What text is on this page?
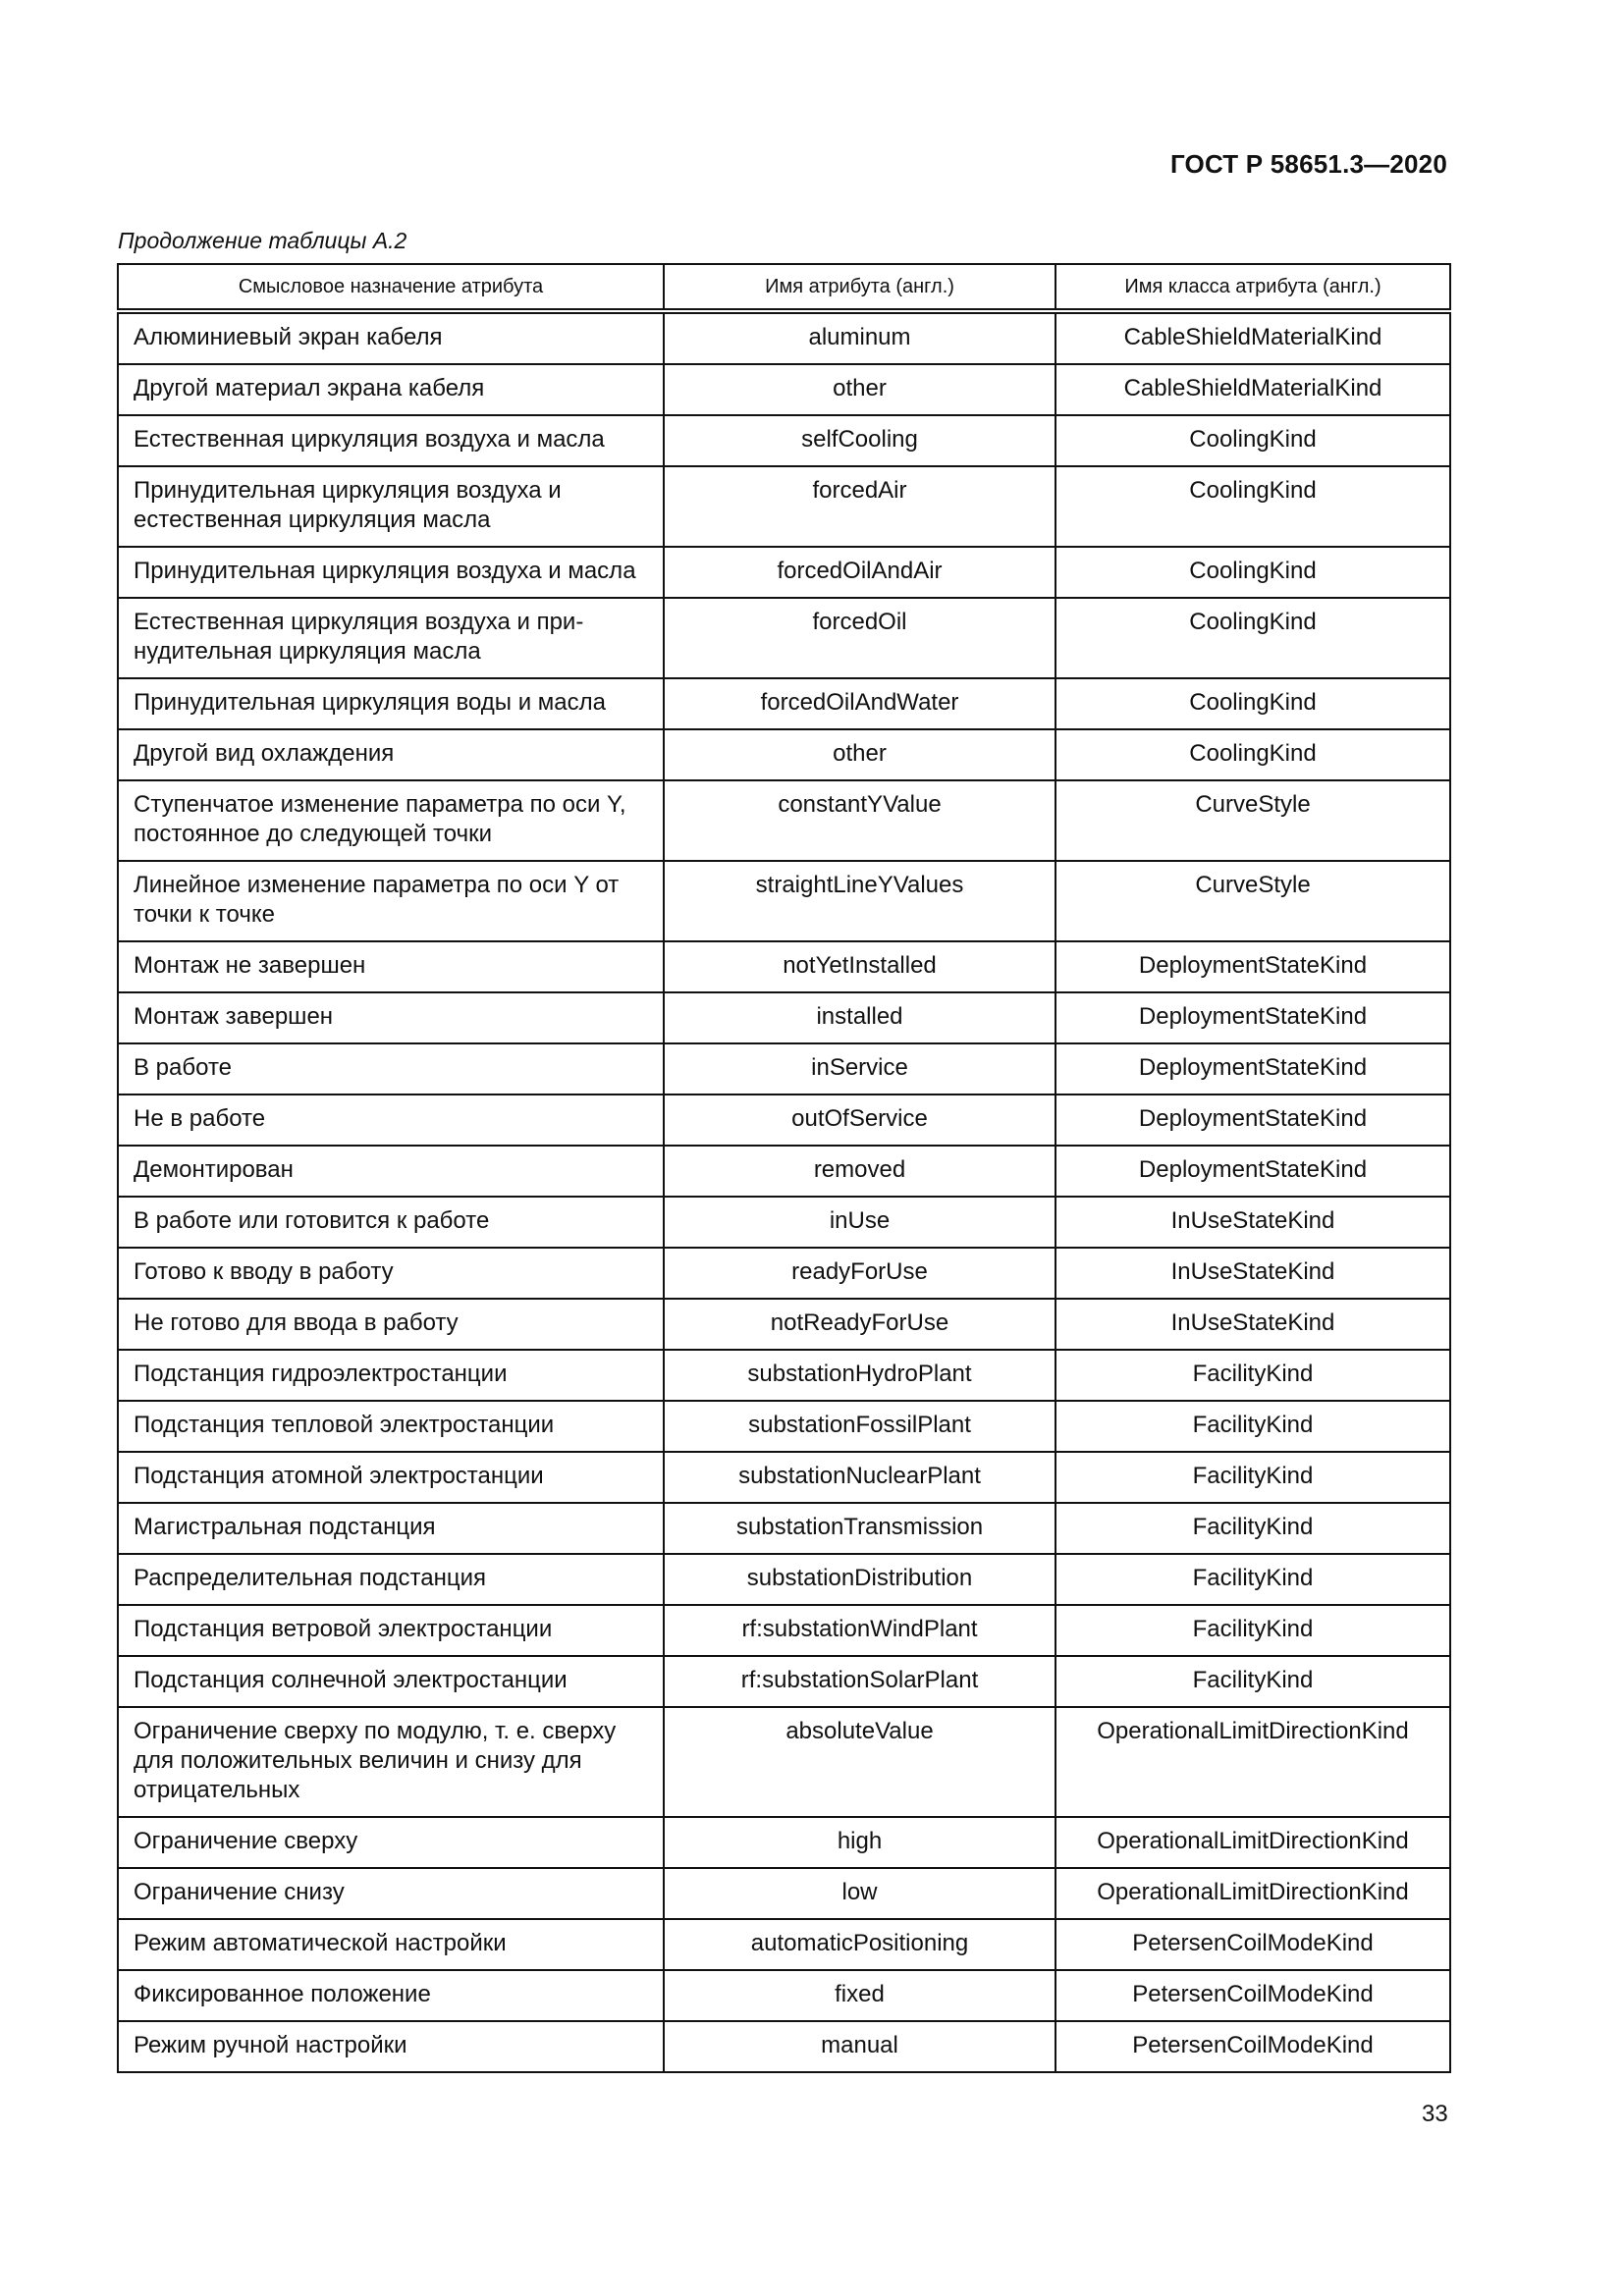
ГОСТ Р 58651.3—2020
Продолжение таблицы А.2
Смысловое назначение атрибута	Имя атрибута (англ.)	Имя класса атрибута (англ.)
Алюминиевый экран кабеля	aluminum	CableShieldMaterialKind
Другой материал экрана кабеля	other	CableShieldMaterialKind
Естественная циркуляция воздуха и масла	selfCooling	CoolingKind
Принудительная циркуляция воздуха и естественная циркуляция масла	forcedAir	CoolingKind
Принудительная циркуляция воздуха и масла	forcedOilAndAir	CoolingKind
Естественная циркуляция воздуха и при-нудительная циркуляция масла	forcedOil	CoolingKind
Принудительная циркуляция воды и масла	forcedOilAndWater	CoolingKind
Другой вид охлаждения	other	CoolingKind
Ступенчатое изменение параметра по оси Y, постоянное до следующей точки	constantYValue	CurveStyle
Линейное изменение параметра по оси Y от точки к точке	straightLineYValues	CurveStyle
Монтаж не завершен	notYetInstalled	DeploymentStateKind
Монтаж завершен	installed	DeploymentStateKind
В работе	inService	DeploymentStateKind
Не в работе	outOfService	DeploymentStateKind
Демонтирован	removed	DeploymentStateKind
В работе или готовится к работе	inUse	InUseStateKind
Готово к вводу в работу	readyForUse	InUseStateKind
Не готово для ввода в работу	notReadyForUse	InUseStateKind
Подстанция гидроэлектростанции	substationHydroPlant	FacilityKind
Подстанция тепловой электростанции	substationFossilPlant	FacilityKind
Подстанция атомной электростанции	substationNuclearPlant	FacilityKind
Магистральная подстанция	substationTransmission	FacilityKind
Распределительная подстанция	substationDistribution	FacilityKind
Подстанция ветровой электростанции	rf:substationWindPlant	FacilityKind
Подстанция солнечной электростанции	rf:substationSolarPlant	FacilityKind
Ограничение сверху по модулю, т. е. сверху для положительных величин и снизу для отрицательных	absoluteValue	OperationalLimitDirectionKind
Ограничение сверху	high	OperationalLimitDirectionKind
Ограничение снизу	low	OperationalLimitDirectionKind
Режим автоматической настройки	automaticPositioning	PetersenCoilModeKind
Фиксированное положение	fixed	PetersenCoilModeKind
Режим ручной настройки	manual	PetersenCoilModeKind
33
